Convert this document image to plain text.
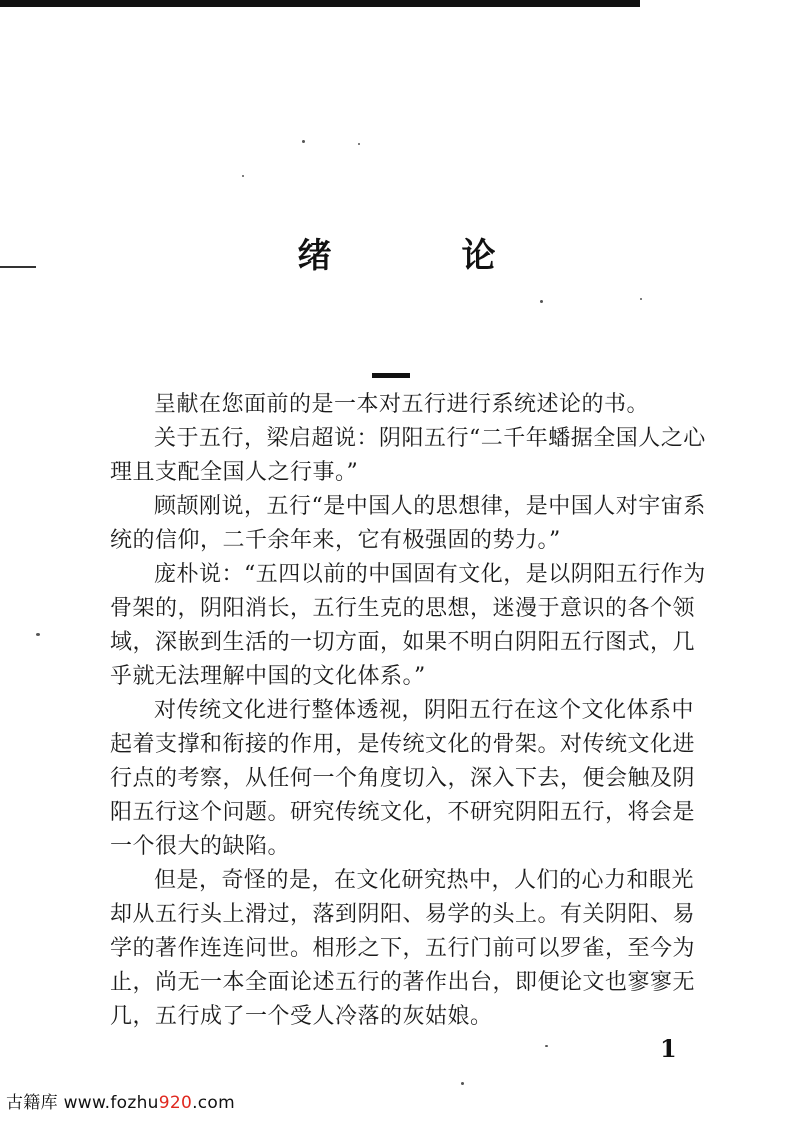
绪　论

呈献在您面前的是一本对五行进行系统述论的书。

关于五行，梁启超说：阴阳五行“二千年蟠据全国人之心理且支配全国人之行事。”

顾颉刚说，五行“是中国人的思想律，是中国人对宇宙系统的信仰，二千余年来，它有极强固的势力。”

庞朴说：“五四以前的中国固有文化，是以阴阳五行作为骨架的，阴阳消长，五行生克的思想，迷漫于意识的各个领域，深嵌到生活的一切方面，如果不明白阴阳五行图式，几乎就无法理解中国的文化体系。”

对传统文化进行整体透视，阴阳五行在这个文化体系中起着支撑和衔接的作用，是传统文化的骨架。对传统文化进行点的考察，从任何一个角度切入，深入下去，便会触及阴阳五行这个问题。研究传统文化，不研究阴阳五行，将会是一个很大的缺陷。

但是，奇怪的是，在文化研究热中，人们的心力和眼光却从五行头上滑过，落到阴阳、易学的头上。有关阴阳、易学的著作连连问世。相形之下，五行门前可以罗雀，至今为止，尚无一本全面论述五行的著作出台，即便论文也寥寥无几，五行成了一个受人冷落的灰姑娘。

1
古籍库 www.fozhu920.com
